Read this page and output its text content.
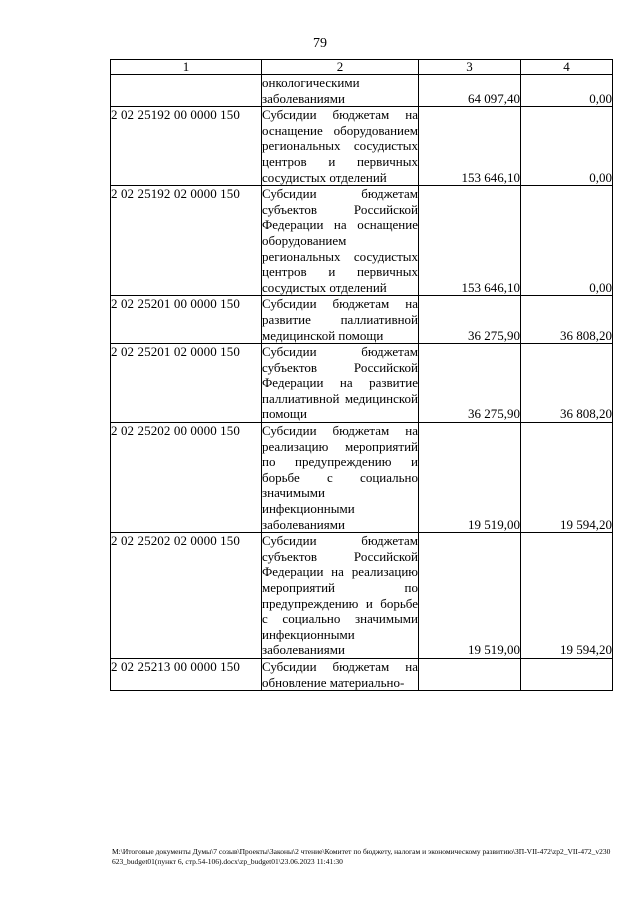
79
1	2	3	4
	онкологическими заболеваниями	64 097,40	0,00
2 02 25192 00 0000 150	Субсидии бюджетам на оснащение оборудованием региональных сосудистых центров и первичных сосудистых отделений	153 646,10	0,00
2 02 25192 02 0000 150	Субсидии бюджетам субъектов Российской Федерации на оснащение оборудованием региональных сосудистых центров и первичных сосудистых отделений	153 646,10	0,00
2 02 25201 00 0000 150	Субсидии бюджетам на развитие паллиативной медицинской помощи	36 275,90	36 808,20
2 02 25201 02 0000 150	Субсидии бюджетам субъектов Российской Федерации на развитие паллиативной медицинской помощи	36 275,90	36 808,20
2 02 25202 00 0000 150	Субсидии бюджетам на реализацию мероприятий по предупреждению и борьбе с социально значимыми инфекционными заболеваниями	19 519,00	19 594,20
2 02 25202 02 0000 150	Субсидии бюджетам субъектов Российской Федерации на реализацию мероприятий по предупреждению и борьбе с социально значимыми инфекционными заболеваниями	19 519,00	19 594,20
2 02 25213 00 0000 150	Субсидии бюджетам на обновление материально-		
M:\Итоговые документы Думы\7 созыв\Проекты\Законы\2 чтение\Комитет по бюджету, налогам и экономическому развитию\ЗП-VII-472\zp2_VII-472_v230623_budget01(пункт 6, стр.54-106).docx\zp_budget01\23.06.2023 11:41:30
